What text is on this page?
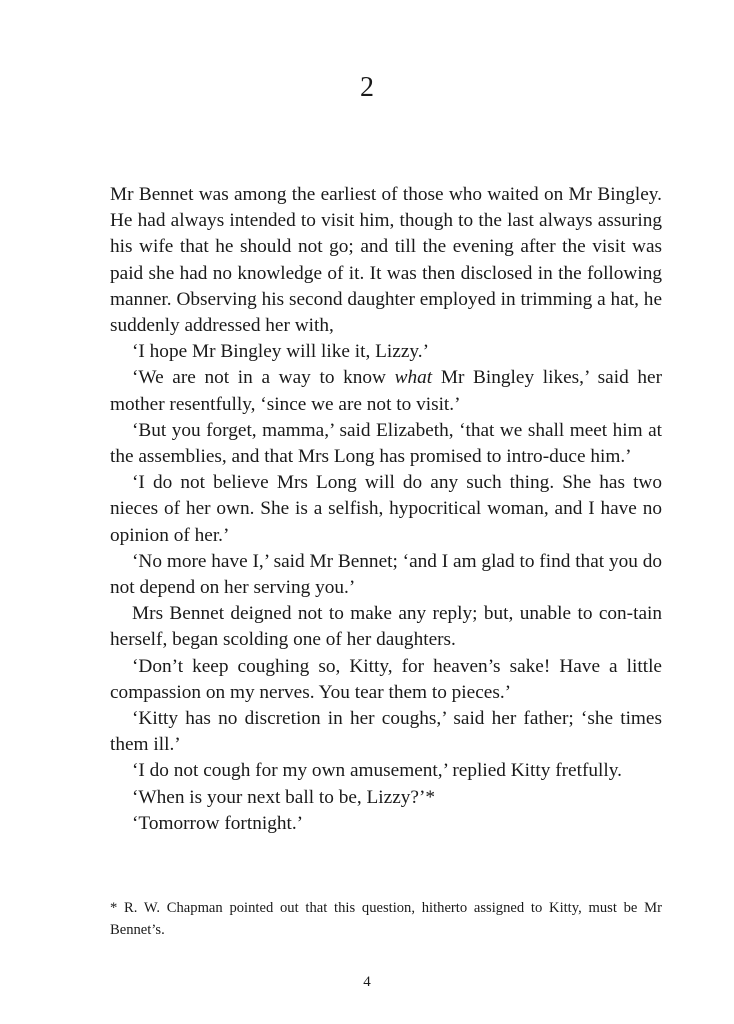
2

Mr Bennet was among the earliest of those who waited on Mr Bingley. He had always intended to visit him, though to the last always assuring his wife that he should not go; and till the evening after the visit was paid she had no knowledge of it. It was then disclosed in the following manner. Observing his second daughter employed in trimming a hat, he suddenly addressed her with,

‘I hope Mr Bingley will like it, Lizzy.’

‘We are not in a way to know what Mr Bingley likes,’ said her mother resentfully, ‘since we are not to visit.’

‘But you forget, mamma,’ said Elizabeth, ‘that we shall meet him at the assemblies, and that Mrs Long has promised to intro-duce him.’

‘I do not believe Mrs Long will do any such thing. She has two nieces of her own. She is a selfish, hypocritical woman, and I have no opinion of her.’

‘No more have I,’ said Mr Bennet; ‘and I am glad to find that you do not depend on her serving you.’

Mrs Bennet deigned not to make any reply; but, unable to con-tain herself, began scolding one of her daughters.

‘Don’t keep coughing so, Kitty, for heaven’s sake! Have a little compassion on my nerves. You tear them to pieces.’

‘Kitty has no discretion in her coughs,’ said her father; ‘she times them ill.’

‘I do not cough for my own amusement,’ replied Kitty fretfully.

‘When is your next ball to be, Lizzy?’*

‘Tomorrow fortnight.’

* R. W. Chapman pointed out that this question, hitherto assigned to Kitty, must be Mr Bennet’s.
4
